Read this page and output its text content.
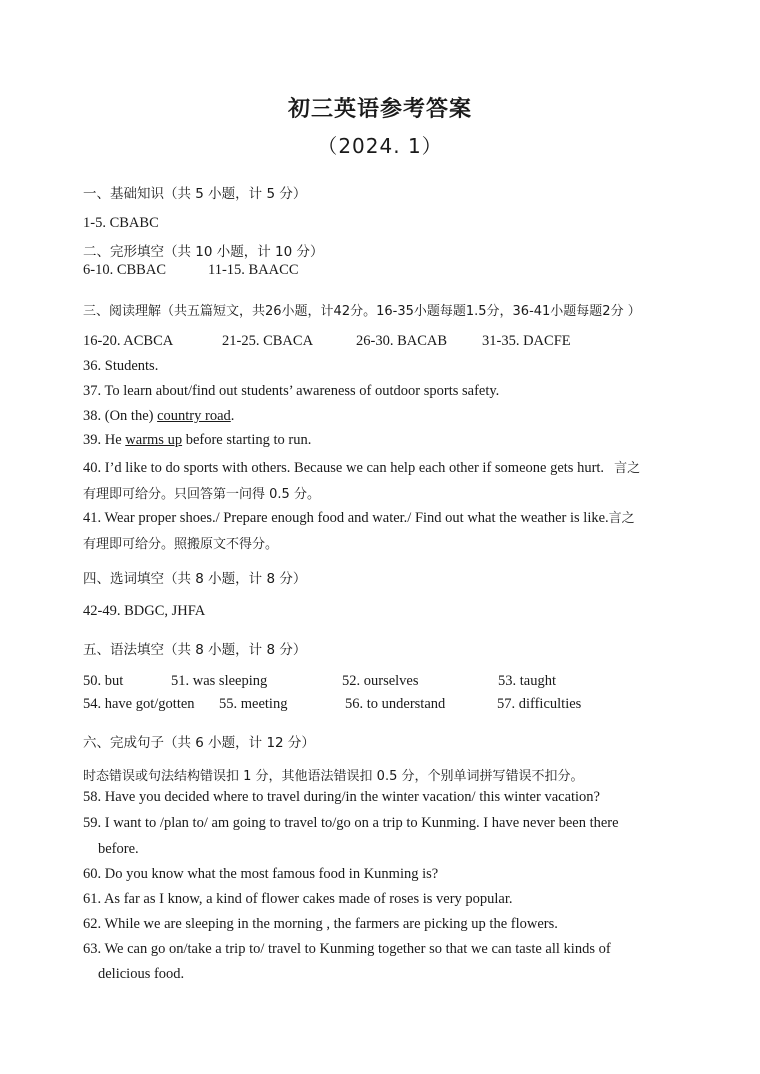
初三英语参考答案
（2024. 1）
一、基础知识（共 5 小题，计 5 分）
1-5. CBABC
二、完形填空（共 10 小题，计 10 分）
6-10. CBBAC	11-15. BAACC
三、阅读理解（共五篇短文，共26小题，计42分。16-35小题每题1.5分，36-41小题每题2分 ）
16-20. ACBCA	21-25. CBACA	26-30. BACAB 31-35. DACFE
36. Students.
37. To learn about/find out students’ awareness of outdoor sports safety.
38. (On the) country road.
39. He warms up before starting to run.
40. I’d like to do sports with others. Because we can help each other if someone gets hurt. 言之
有理即可给分。只回答第一问得 0.5 分。
41. Wear proper shoes./ Prepare enough food and water./ Find out what the weather is like.言之
有理即可给分。照搬原文不得分。
四、选词填空（共 8 小题，计 8 分）
42-49. BDGC, JHFA
五、语法填空（共 8 小题，计 8 分）
50. but	51. was sleeping	52. ourselves	53. taught
54. have got/gotten 55. meeting	56. to understand	57. difficulties
六、完成句子（共 6 小题，计 12 分）
时态错误或句法结构错误扣 1 分，其他语法错误扣 0.5 分，个别单词拼写错误不扣分。
58. Have you decided where to travel during/in the winter vacation/ this winter vacation?
59. I want to /plan to/ am going to travel to/go on a trip to Kunming. I have never been there
before.
60. Do you know what the most famous food in Kunming is?
61. As far as I know, a kind of flower cakes made of roses is very popular.
62. While we are sleeping in the morning , the farmers are picking up the flowers.
63. We can go on/take a trip to/ travel to Kunming together so that we can taste all kinds of
delicious food.
